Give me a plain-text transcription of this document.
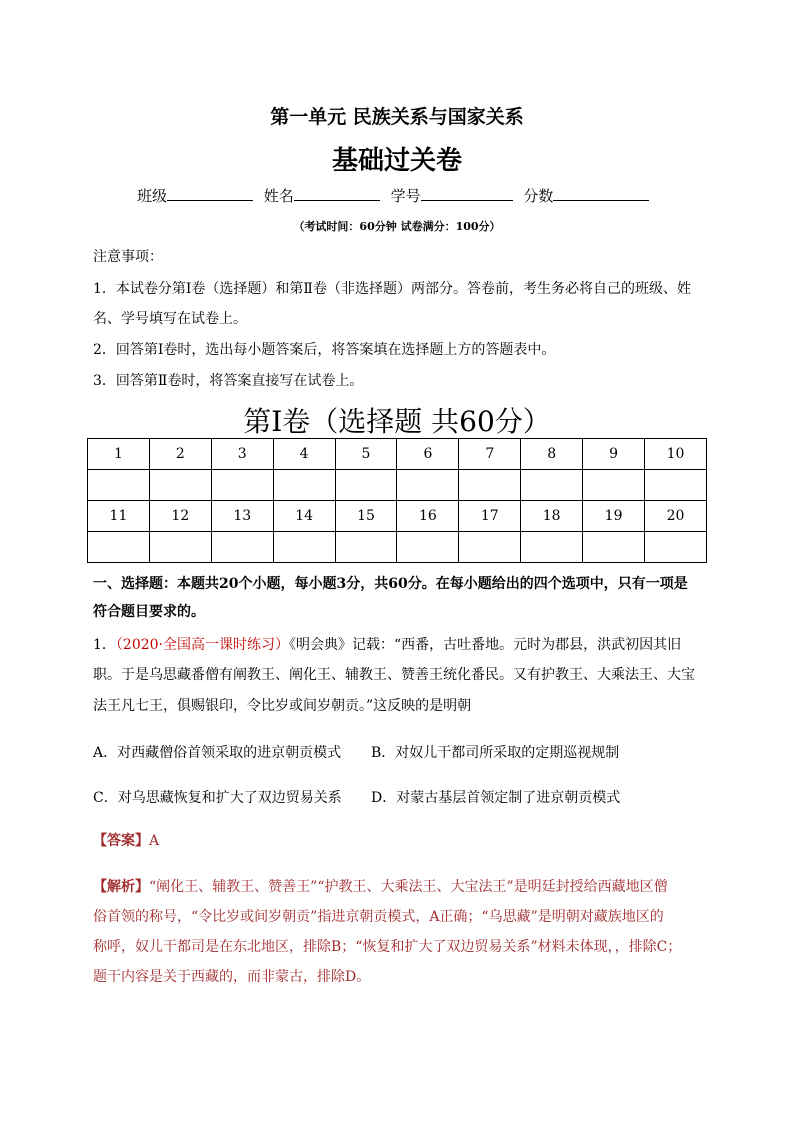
第一单元 民族关系与国家关系
基础过关卷
班级	姓名	学号	分数
（考试时间：60分钟 试卷满分：100分）
注意事项：
1．本试卷分第Ⅰ卷（选择题）和第Ⅱ卷（非选择题）两部分。答卷前，考生务必将自己的班级、姓
名、学号填写在试卷上。
2．回答第Ⅰ卷时，选出每小题答案后，将答案填在选择题上方的答题表中。
3．回答第Ⅱ卷时，将答案直接写在试卷上。
第Ⅰ卷（选择题 共60分）
1	2	3	4	5	6	7	8	9	10

11	12	13	14	15	16	17	18	19	20

一、选择题：本题共20个小题，每小题3分，共60分。在每小题给出的四个选项中，只有一项是
符合题目要求的。
1．（2020·全国高一课时练习）《明会典》记载：“西番，古吐番地。元时为郡县，洪武初因其旧
职。于是乌思藏番僧有阐教王、阐化王、辅教王、赞善王统化番民。又有护教王、大乘法王、大宝
法王凡七王，俱赐银印，令比岁或间岁朝贡。”这反映的是明朝
A．对西藏僧俗首领采取的进京朝贡模式 B．对奴儿干都司所采取的定期巡视规制
C．对乌思藏恢复和扩大了双边贸易关系 D．对蒙古基层首领定制了进京朝贡模式
【答案】A
【解析】“阐化王、辅教王、赞善王”“护教王、大乘法王、大宝法王”是明廷封授给西藏地区僧
俗首领的称号，“令比岁或间岁朝贡”指进京朝贡模式，A正确；“乌思藏”是明朝对藏族地区的
称呼，奴儿干都司是在东北地区，排除B；“恢复和扩大了双边贸易关系”材料未体现，，排除C；
题干内容是关于西藏的，而非蒙古，排除D。
